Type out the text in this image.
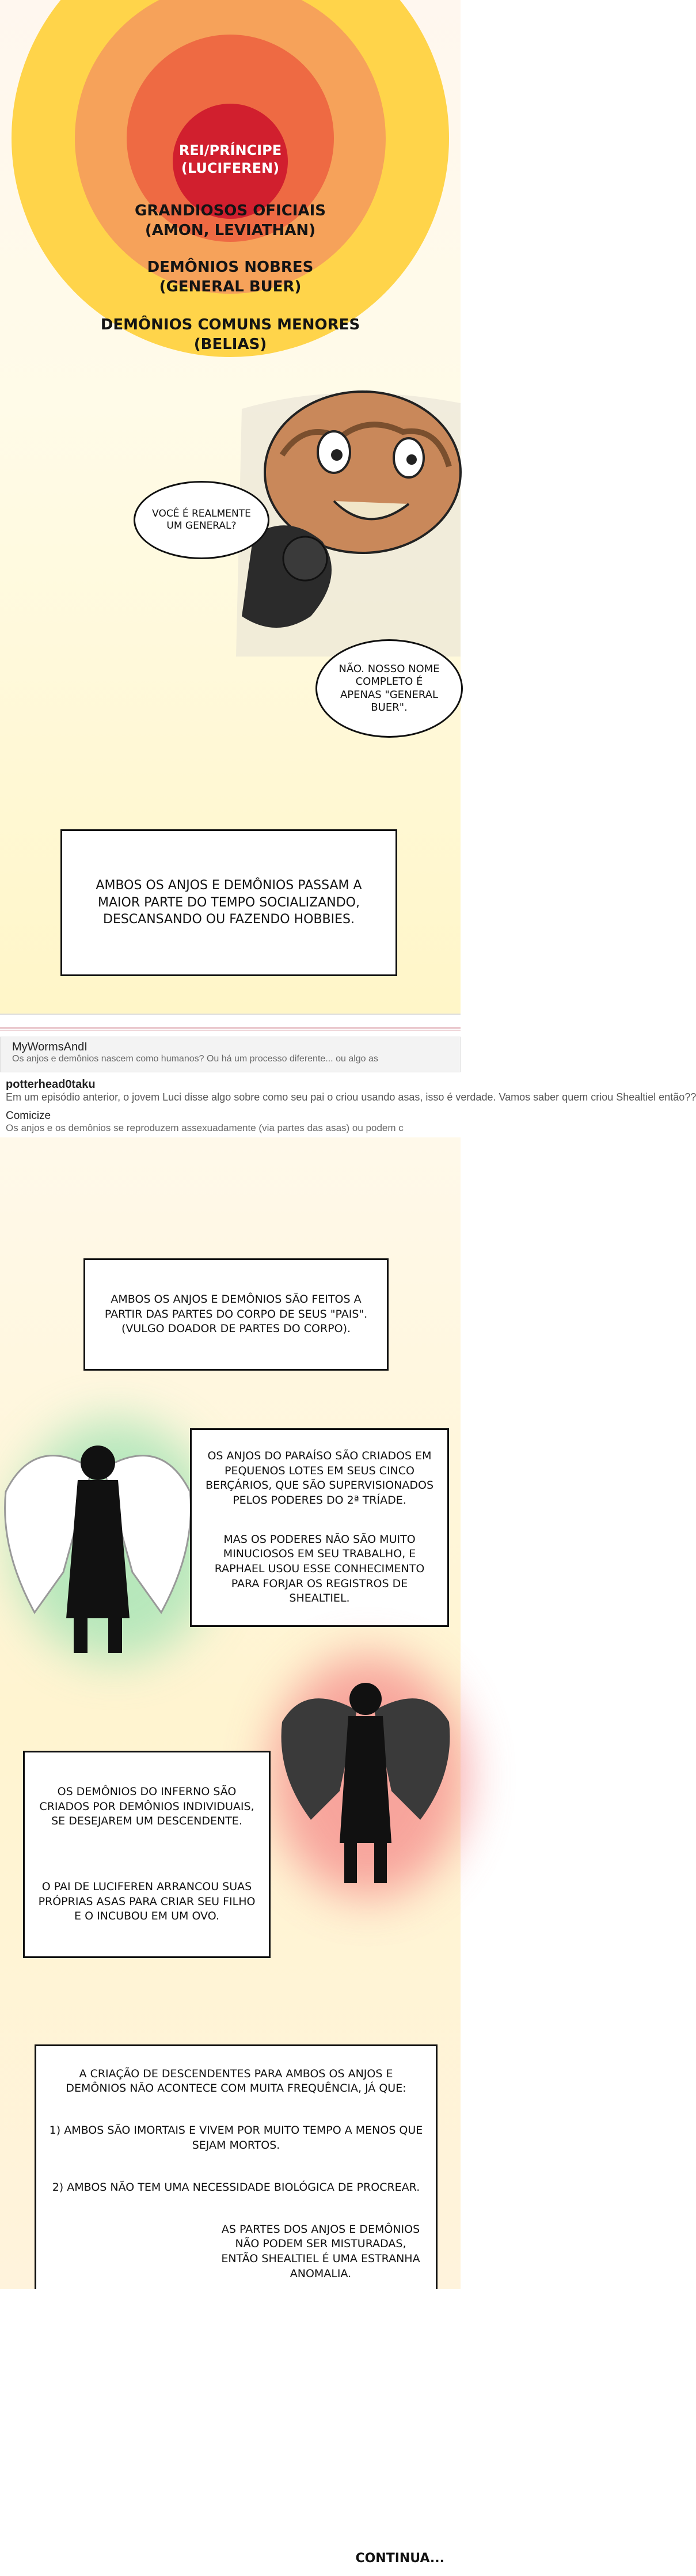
REI/PRÍNCIPE
(LUCIFEREN)
GRANDIOSOS OFICIAIS
(AMON, LEVIATHAN)
DEMÔNIOS NOBRES
(GENERAL BUER)
DEMÔNIOS COMUNS MENORES
(BELIAS)
VOCÊ É REALMENTE UM GENERAL?
NÃO. NOSSO NOME COMPLETO É APENAS "GENERAL BUER".
AMBOS OS ANJOS E DEMÔNIOS PASSAM A MAIOR PARTE DO TEMPO SOCIALIZANDO, DESCANSANDO OU FAZENDO HOBBIES.
MyWormsAndI
Os anjos e demônios nascem como humanos? Ou há um processo diferente... ou algo as
potterhead0taku
Em um episódio anterior, o jovem Luci disse algo sobre como seu pai o criou usando asas, isso é verdade. Vamos saber quem criou Shealtiel então??
Comicize
Os anjos e os demônios se reproduzem assexuadamente (via partes das asas) ou podem c
AMBOS OS ANJOS E DEMÔNIOS SÃO FEITOS A PARTIR DAS PARTES DO CORPO DE SEUS "PAIS". (VULGO DOADOR DE PARTES DO CORPO).
OS ANJOS DO PARAÍSO SÃO CRIADOS EM PEQUENOS LOTES EM SEUS CINCO BERÇÁRIOS, QUE SÃO SUPERVISIONADOS PELOS PODERES DO 2ª TRÍADE.
MAS OS PODERES NÃO SÃO MUITO MINUCIOSOS EM SEU TRABALHO, E RAPHAEL USOU ESSE CONHECIMENTO PARA FORJAR OS REGISTROS DE SHEALTIEL.
OS DEMÔNIOS DO INFERNO SÃO CRIADOS POR DEMÔNIOS INDIVIDUAIS, SE DESEJAREM UM DESCENDENTE.
O PAI DE LUCIFEREN ARRANCOU SUAS PRÓPRIAS ASAS PARA CRIAR SEU FILHO E O INCUBOU EM UM OVO.
A CRIAÇÃO DE DESCENDENTES PARA AMBOS OS ANJOS E DEMÔNIOS NÃO ACONTECE COM MUITA FREQUÊNCIA, JÁ QUE:
1) AMBOS SÃO IMORTAIS E VIVEM POR MUITO TEMPO A MENOS QUE SEJAM MORTOS.
2) AMBOS NÃO TEM UMA NECESSIDADE BIOLÓGICA DE PROCREAR.
AS PARTES DOS ANJOS E DEMÔNIOS NÃO PODEM SER MISTURADAS, ENTÃO SHEALTIEL É UMA ESTRANHA ANOMALIA.
CONTINUA...
